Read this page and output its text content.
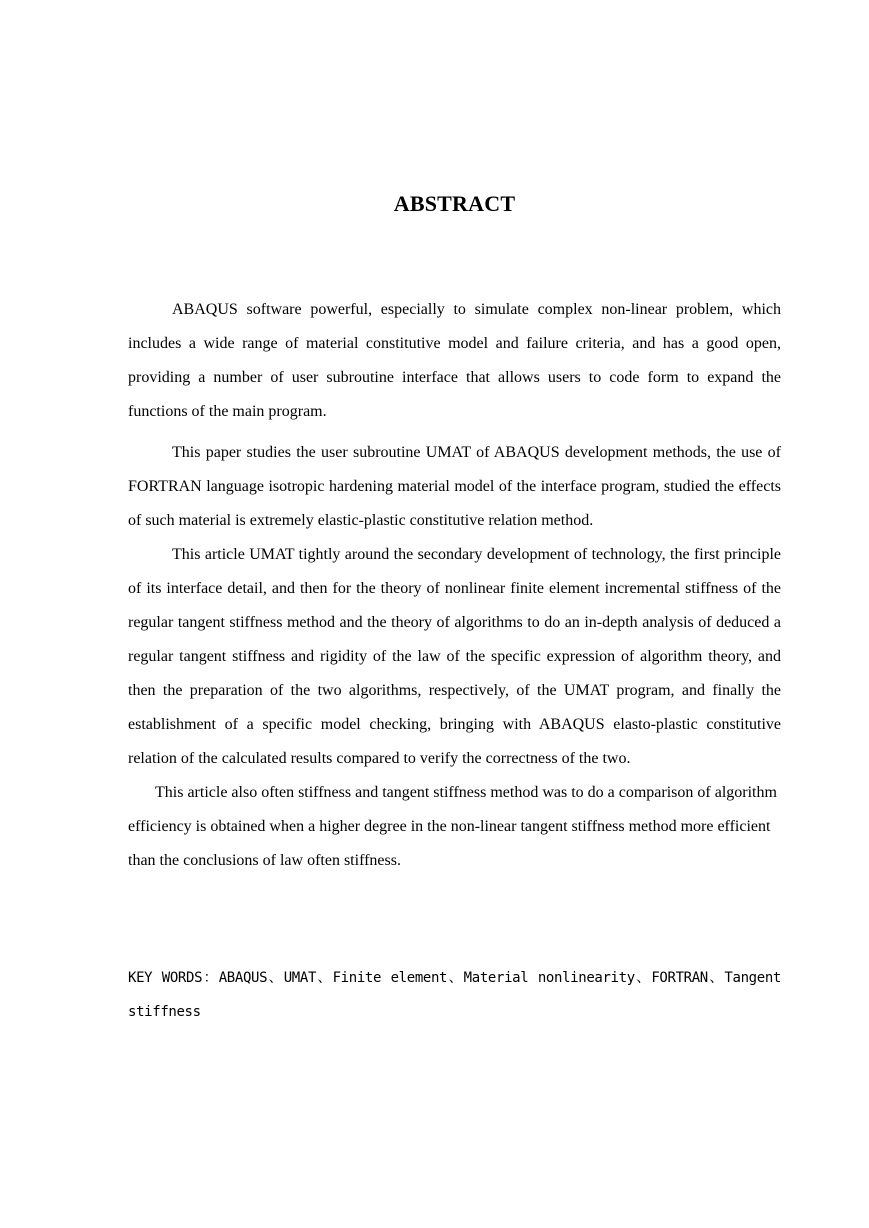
ABSTRACT

ABAQUS software powerful, especially to simulate complex non-linear problem, which includes a wide range of material constitutive model and failure criteria, and has a good open, providing a number of user subroutine interface that allows users to code form to expand the functions of the main program.

This paper studies the user subroutine UMAT of ABAQUS development methods, the use of FORTRAN language isotropic hardening material model of the interface program, studied the effects of such material is extremely elastic-plastic constitutive relation method.

This article UMAT tightly around the secondary development of technology, the first principle of its interface detail, and then for the theory of nonlinear finite element incremental stiffness of the regular tangent stiffness method and the theory of algorithms to do an in-depth analysis of deduced a regular tangent stiffness and rigidity of the law of the specific expression of algorithm theory, and then the preparation of the two algorithms, respectively, of the UMAT program, and finally the establishment of a specific model checking, bringing with ABAQUS elasto-plastic constitutive relation of the calculated results compared to verify the correctness of the two.

This article also often stiffness and tangent stiffness method was to do a comparison of algorithm efficiency is obtained when a higher degree in the non-linear tangent stiffness method more efficient than the conclusions of law often stiffness.

KEY WORDS：ABAQUS、UMAT、Finite element、Material nonlinearity、FORTRAN、Tangent stiffness
